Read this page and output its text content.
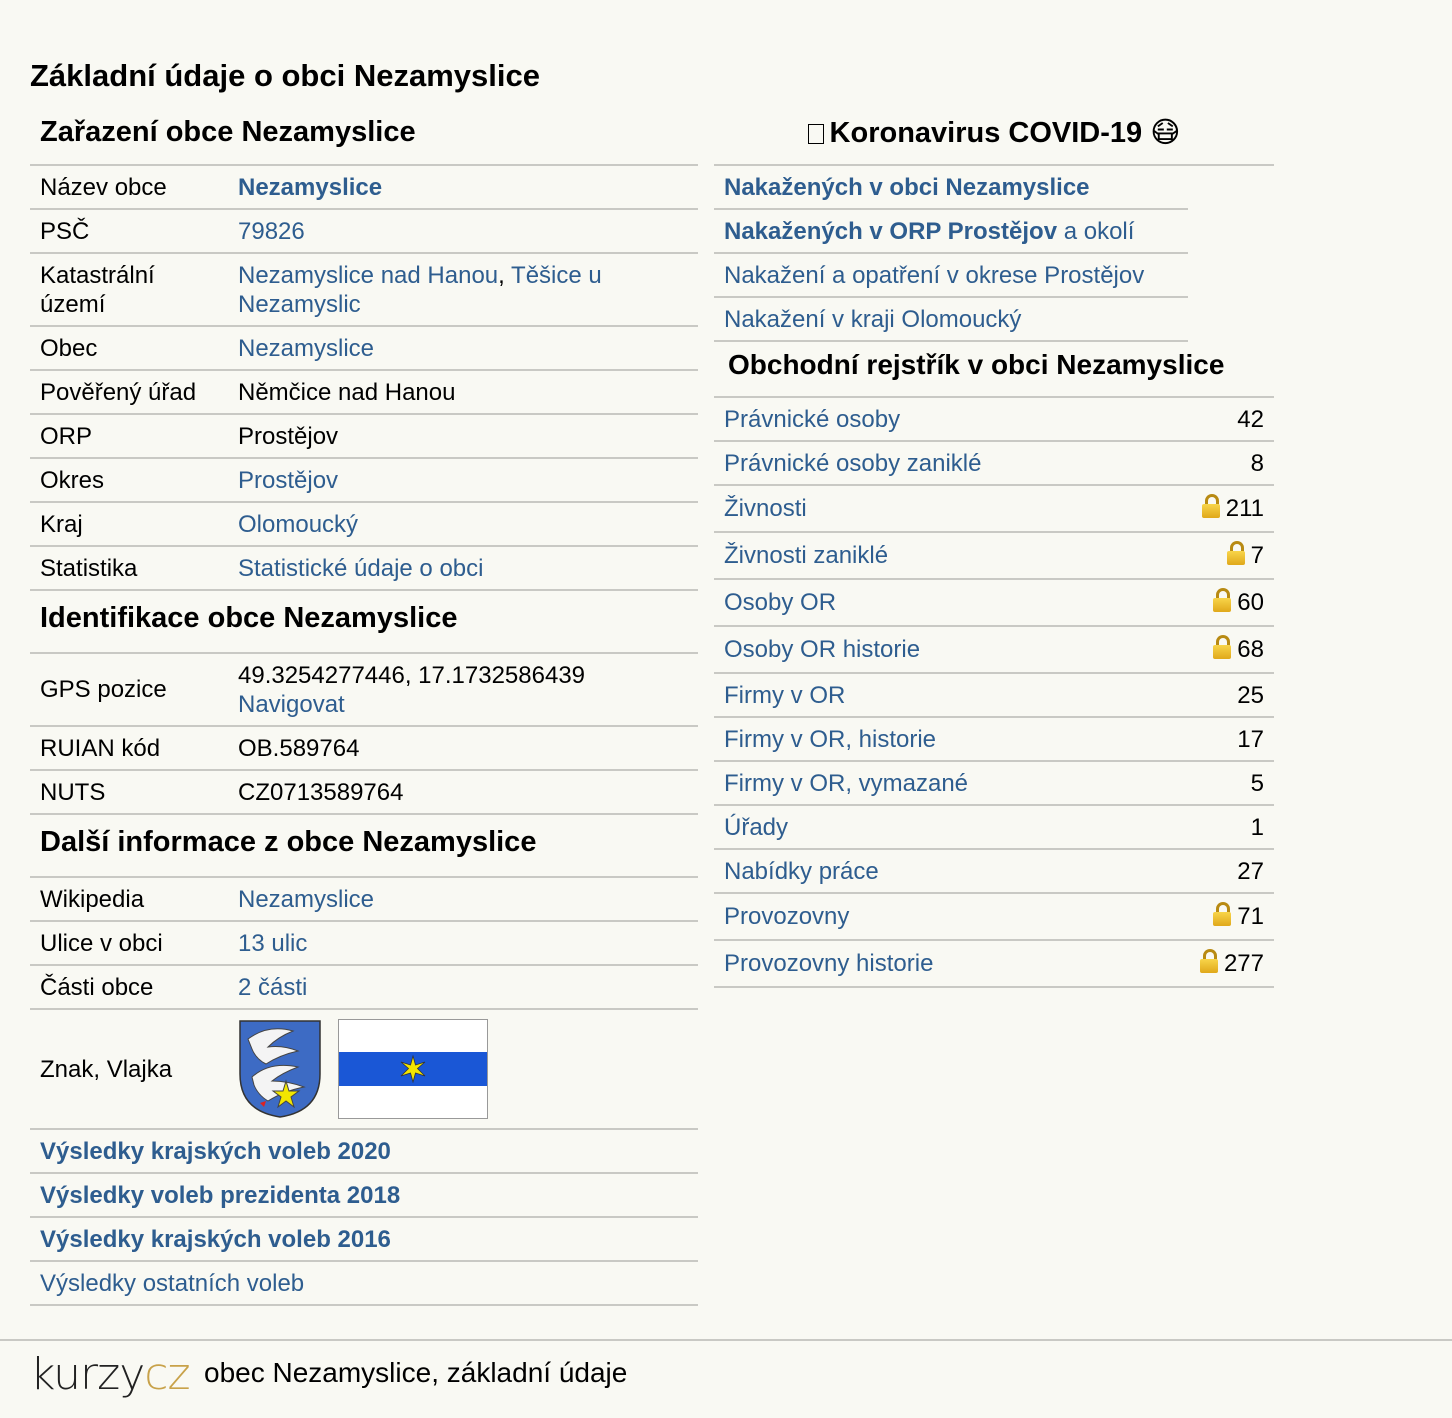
Základní údaje o obci Nezamyslice
Zařazení obce Nezamyslice
Název obce	Nezamyslice
PSČ	79826
Katastrální území	Nezamyslice nad Hanou, Těšice u Nezamyslic
Obec	Nezamyslice
Pověřený úřad	Němčice nad Hanou
ORP	Prostějov
Okres	Prostějov
Kraj	Olomoucký
Statistika	Statistické údaje o obci
Identifikace obce Nezamyslice
GPS pozice	49.3254277446, 17.1732586439
Navigovat
RUIAN kód	OB.589764
NUTS	CZ0713589764
Další informace z obce Nezamyslice
Wikipedia	Nezamyslice
Ulice v obci	13 ulic
Části obce	2 části
Znak, Vlajka	
Výsledky krajských voleb 2020
Výsledky voleb prezidenta 2018
Výsledky krajských voleb 2016
Výsledky ostatních voleb
Koronavirus COVID-19 😷
Nakažených v obci Nezamyslice
Nakažených v ORP Prostějov a okolí
Nakažení a opatření v okrese Prostějov
Nakažení v kraji Olomoucký
Obchodní rejstřík v obci Nezamyslice
Právnické osoby	42
Právnické osoby zaniklé	8
Živnosti	211
Živnosti zaniklé	7
Osoby OR	60
Osoby OR historie	68
Firmy v OR	25
Firmy v OR, historie	17
Firmy v OR, vymazané	5
Úřady	1
Nabídky práce	27
Provozovny	71
Provozovny historie	277
kurzycz obec Nezamyslice, základní údaje
